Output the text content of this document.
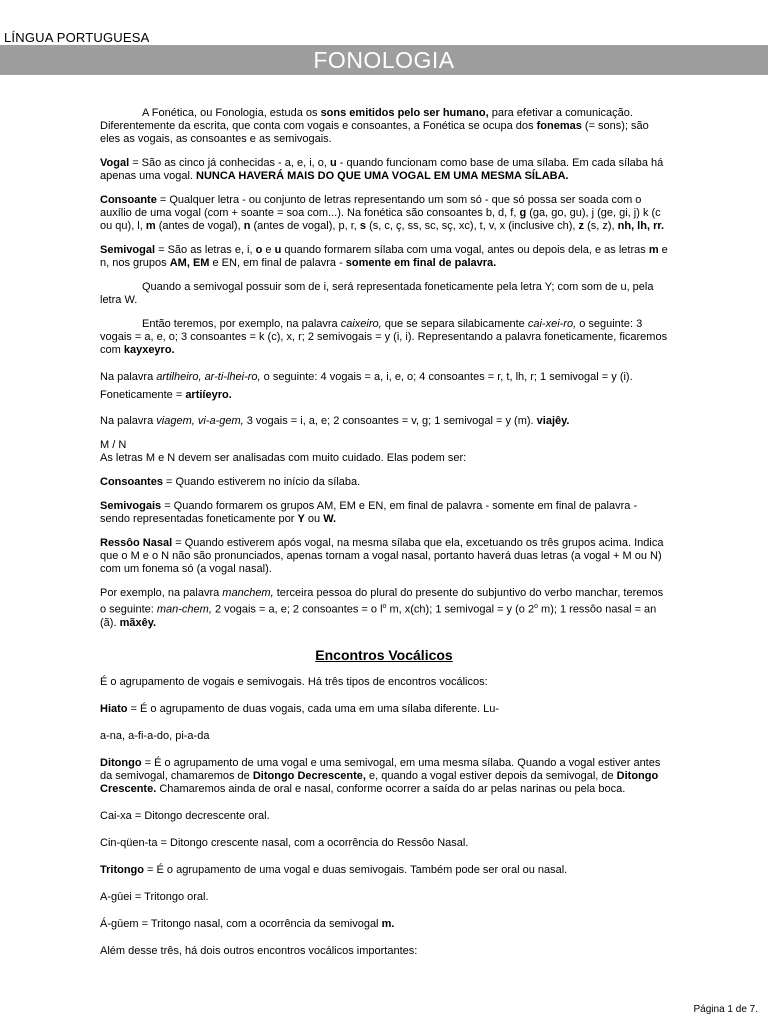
LÍNGUA PORTUGUESA
FONOLOGIA

A Fonética, ou Fonologia, estuda os sons emitidos pelo ser humano, para efetivar a comunicação. Diferentemente da escrita, que conta com vogais e consoantes, a Fonética se ocupa dos fonemas (= sons); são eles as vogais, as consoantes e as semivogais.

Vogal = São as cinco já conhecidas - a, e, i, o, u - quando funcionam como base de uma sílaba. Em cada sílaba há apenas uma vogal. NUNCA HAVERÁ MAIS DO QUE UMA VOGAL EM UMA MESMA SÍLABA.

Consoante = Qualquer letra - ou conjunto de letras representando um som só - que só possa ser soada com o auxílio de uma vogal (com + soante = soa com...). Na fonética são consoantes b, d, f, g (ga, go, gu), j (ge, gi, j) k (c ou qu), l, m (antes de vogal), n (antes de vogal), p, r, s (s, c, ç, ss, sc, sç, xc), t, v, x (inclusive ch), z (s, z), nh, lh, rr.

Semivogal = São as letras e, i, o e u quando formarem sílaba com uma vogal, antes ou depois dela, e as letras m e n, nos grupos AM, EM e EN, em final de palavra - somente em final de palavra.

Quando a semivogal possuir som de i, será representada foneticamente pela letra Y; com som de u, pela letra W.

Então teremos, por exemplo, na palavra caixeiro, que se separa silabicamente cai-xei-ro, o seguinte: 3 vogais = a, e, o; 3 consoantes = k (c), x, r; 2 semivogais = y (i, i). Representando a palavra foneticamente, ficaremos com kayxeyro.

Na palavra artilheiro, ar-ti-lhei-ro, o seguinte: 4 vogais = a, i, e, o; 4 consoantes = r, t, lh, r; 1 semivogal = y (i). Foneticamente = artiíeyro.

Na palavra viagem, vi-a-gem, 3 vogais = i, a, e; 2 consoantes = v, g; 1 semivogal = y (m). viajêy.

M / N

As letras M e N devem ser analisadas com muito cuidado. Elas podem ser:

Consoantes = Quando estiverem no início da sílaba.

Semivogais = Quando formarem os grupos AM, EM e EN, em final de palavra - somente em final de palavra - sendo representadas foneticamente por Y ou W.

Ressôo Nasal = Quando estiverem após vogal, na mesma sílaba que ela, excetuando os três grupos acima. Indica que o M e o N não são pronunciados, apenas tornam a vogal nasal, portanto haverá duas letras (a vogal + M ou N) com um fonema só (a vogal nasal).

Por exemplo, na palavra manchem, terceira pessoa do plural do presente do subjuntivo do verbo manchar, teremos o seguinte: man-chem, 2 vogais = a, e; 2 consoantes = o $l^o$ m, x(ch); 1 semivogal = y (o 2$^o$ m); 1 ressôo nasal = an (ã). mãxêy.

Encontros Vocálicos

É o agrupamento de vogais e semivogais. Há três tipos de encontros vocálicos:

Hiato = É o agrupamento de duas vogais, cada uma em uma sílaba diferente. Lu-

a-na, a-fi-a-do, pi-a-da

Ditongo = É o agrupamento de uma vogal e uma semivogal, em uma mesma sílaba. Quando a vogal estiver antes da semivogal, chamaremos de Ditongo Decrescente, e, quando a vogal estiver depois da semivogal, de Ditongo Crescente. Chamaremos ainda de oral e nasal, conforme ocorrer a saída do ar pelas narinas ou pela boca.

Cai-xa = Ditongo decrescente oral.

Cin-qüen-ta = Ditongo crescente nasal, com a ocorrência do Ressôo Nasal.

Tritongo = É o agrupamento de uma vogal e duas semivogais. Também pode ser oral ou nasal.

A-gūei = Tritongo oral.

Á-gūem = Tritongo nasal, com a ocorrência da semivogal m.

Além desse três, há dois outros encontros vocálicos importantes:

Página 1 de 7.
